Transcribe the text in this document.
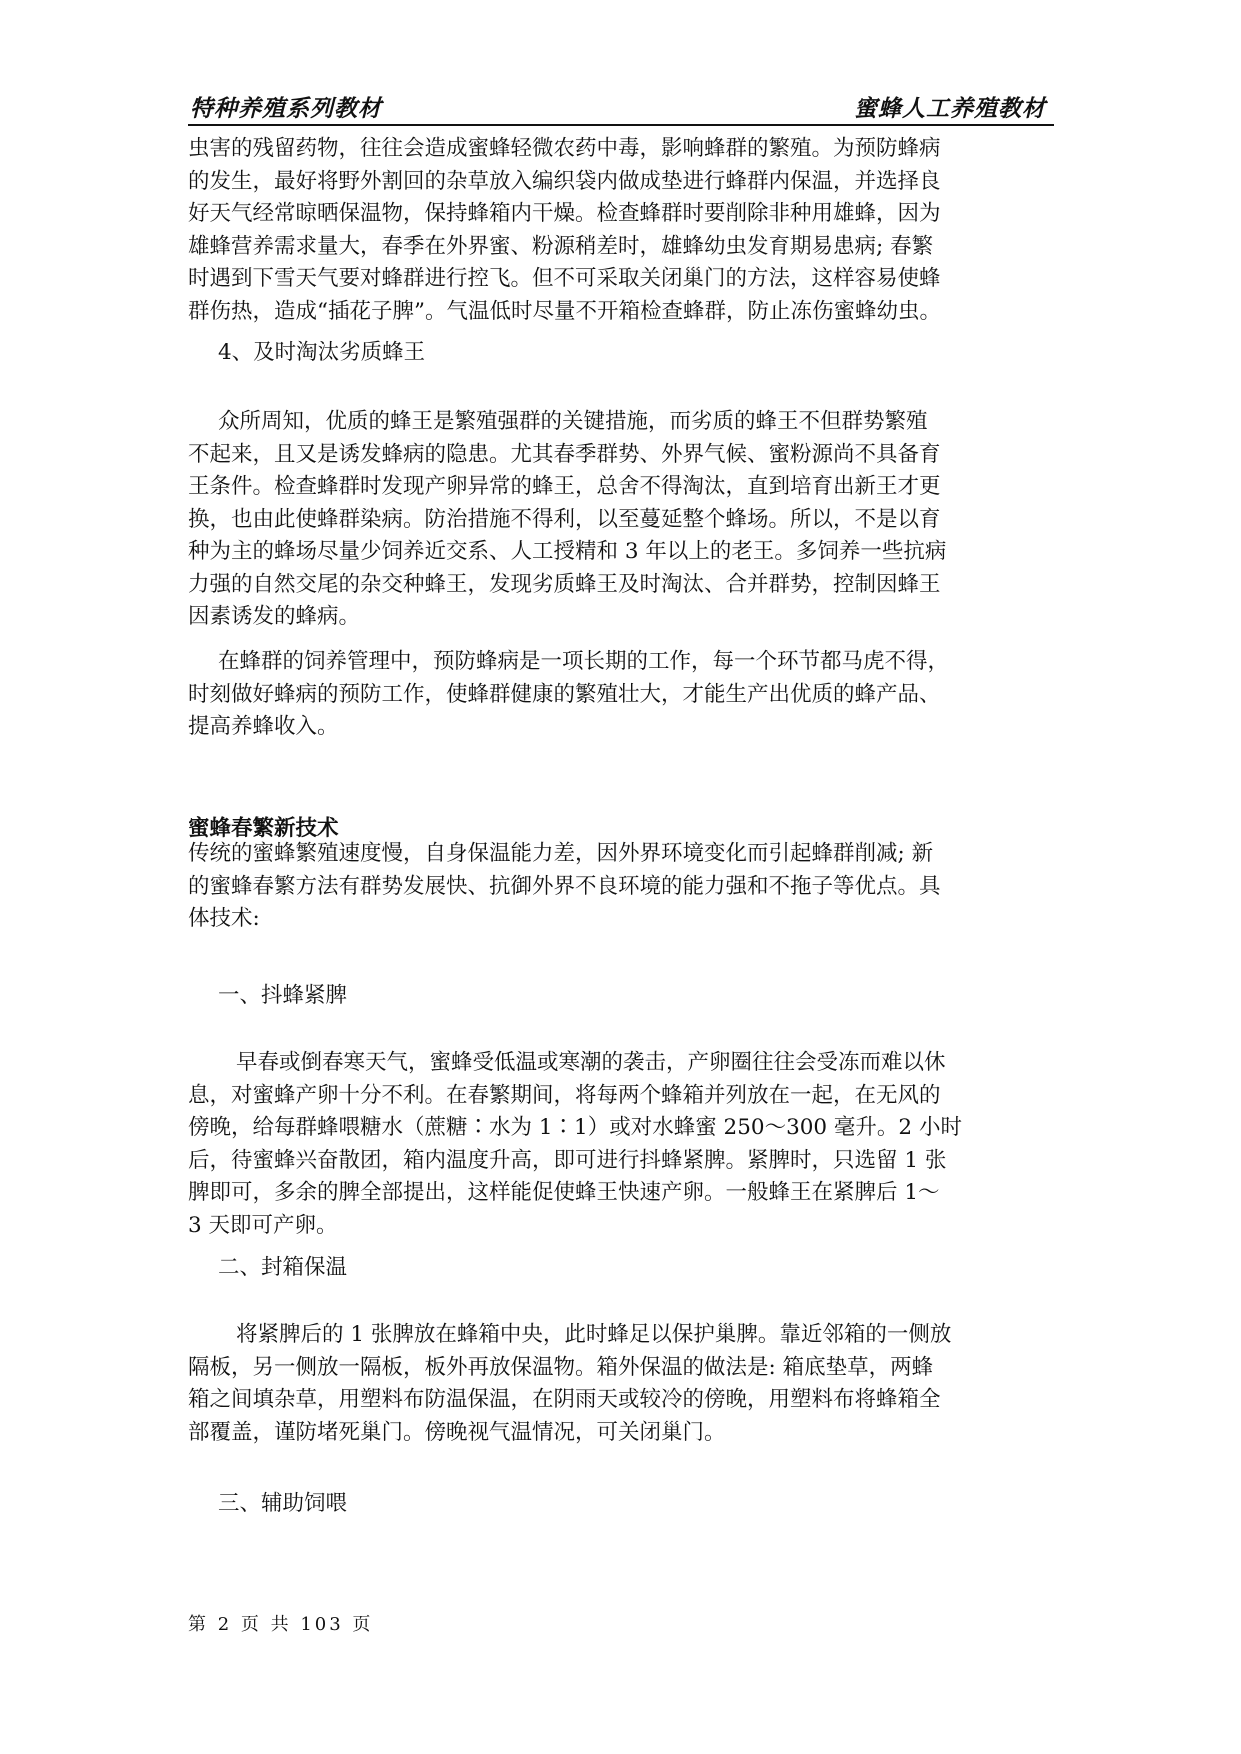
特种养殖系列教材	蜜蜂人工养殖教材
虫害的残留药物，往往会造成蜜蜂轻微农药中毒，影响蜂群的繁殖。为预防蜂病
的发生，最好将野外割回的杂草放入编织袋内做成垫进行蜂群内保温，并选择良
好天气经常晾晒保温物，保持蜂箱内干燥。检查蜂群时要削除非种用雄蜂，因为
雄蜂营养需求量大，春季在外界蜜、粉源稍差时，雄蜂幼虫发育期易患病; 春繁
时遇到下雪天气要对蜂群进行控飞。但不可采取关闭巢门的方法，这样容易使蜂
群伤热，造成“插花子脾”。气温低时尽量不开箱检查蜂群，防止冻伤蜜蜂幼虫。
4、及时淘汰劣质蜂王
众所周知，优质的蜂王是繁殖强群的关键措施，而劣质的蜂王不但群势繁殖
不起来，且又是诱发蜂病的隐患。尤其春季群势、外界气候、蜜粉源尚不具备育
王条件。检查蜂群时发现产卵异常的蜂王，总舍不得淘汰，直到培育出新王才更
换，也由此使蜂群染病。防治措施不得利，以至蔓延整个蜂场。所以，不是以育
种为主的蜂场尽量少饲养近交系、人工授精和 3 年以上的老王。多饲养一些抗病
力强的自然交尾的杂交种蜂王，发现劣质蜂王及时淘汰、合并群势，控制因蜂王
因素诱发的蜂病。
在蜂群的饲养管理中，预防蜂病是一项长期的工作，每一个环节都马虎不得，
时刻做好蜂病的预防工作，使蜂群健康的繁殖壮大，才能生产出优质的蜂产品、
提高养蜂收入。
蜜蜂春繁新技术
传统的蜜蜂繁殖速度慢，自身保温能力差，因外界环境变化而引起蜂群削减; 新
的蜜蜂春繁方法有群势发展快、抗御外界不良环境的能力强和不拖子等优点。具
体技术:
一、抖蜂紧脾
早春或倒春寒天气，蜜蜂受低温或寒潮的袭击，产卵圈往往会受冻而难以休
息，对蜜蜂产卵十分不利。在春繁期间，将每两个蜂箱并列放在一起，在无风的
傍晚，给每群蜂喂糖水（蔗糖∶水为 1∶1）或对水蜂蜜 250～300 毫升。2 小时
后，待蜜蜂兴奋散团，箱内温度升高，即可进行抖蜂紧脾。紧脾时，只选留 1 张
脾即可，多余的脾全部提出，这样能促使蜂王快速产卵。一般蜂王在紧脾后 1～
3 天即可产卵。
二、封箱保温
将紧脾后的 1 张脾放在蜂箱中央，此时蜂足以保护巢脾。靠近邻箱的一侧放
隔板，另一侧放一隔板，板外再放保温物。箱外保温的做法是: 箱底垫草，两蜂
箱之间填杂草，用塑料布防温保温，在阴雨天或较冷的傍晚，用塑料布将蜂箱全
部覆盖，谨防堵死巢门。傍晚视气温情况，可关闭巢门。
三、辅助饲喂
第 2 页 共 103 页
